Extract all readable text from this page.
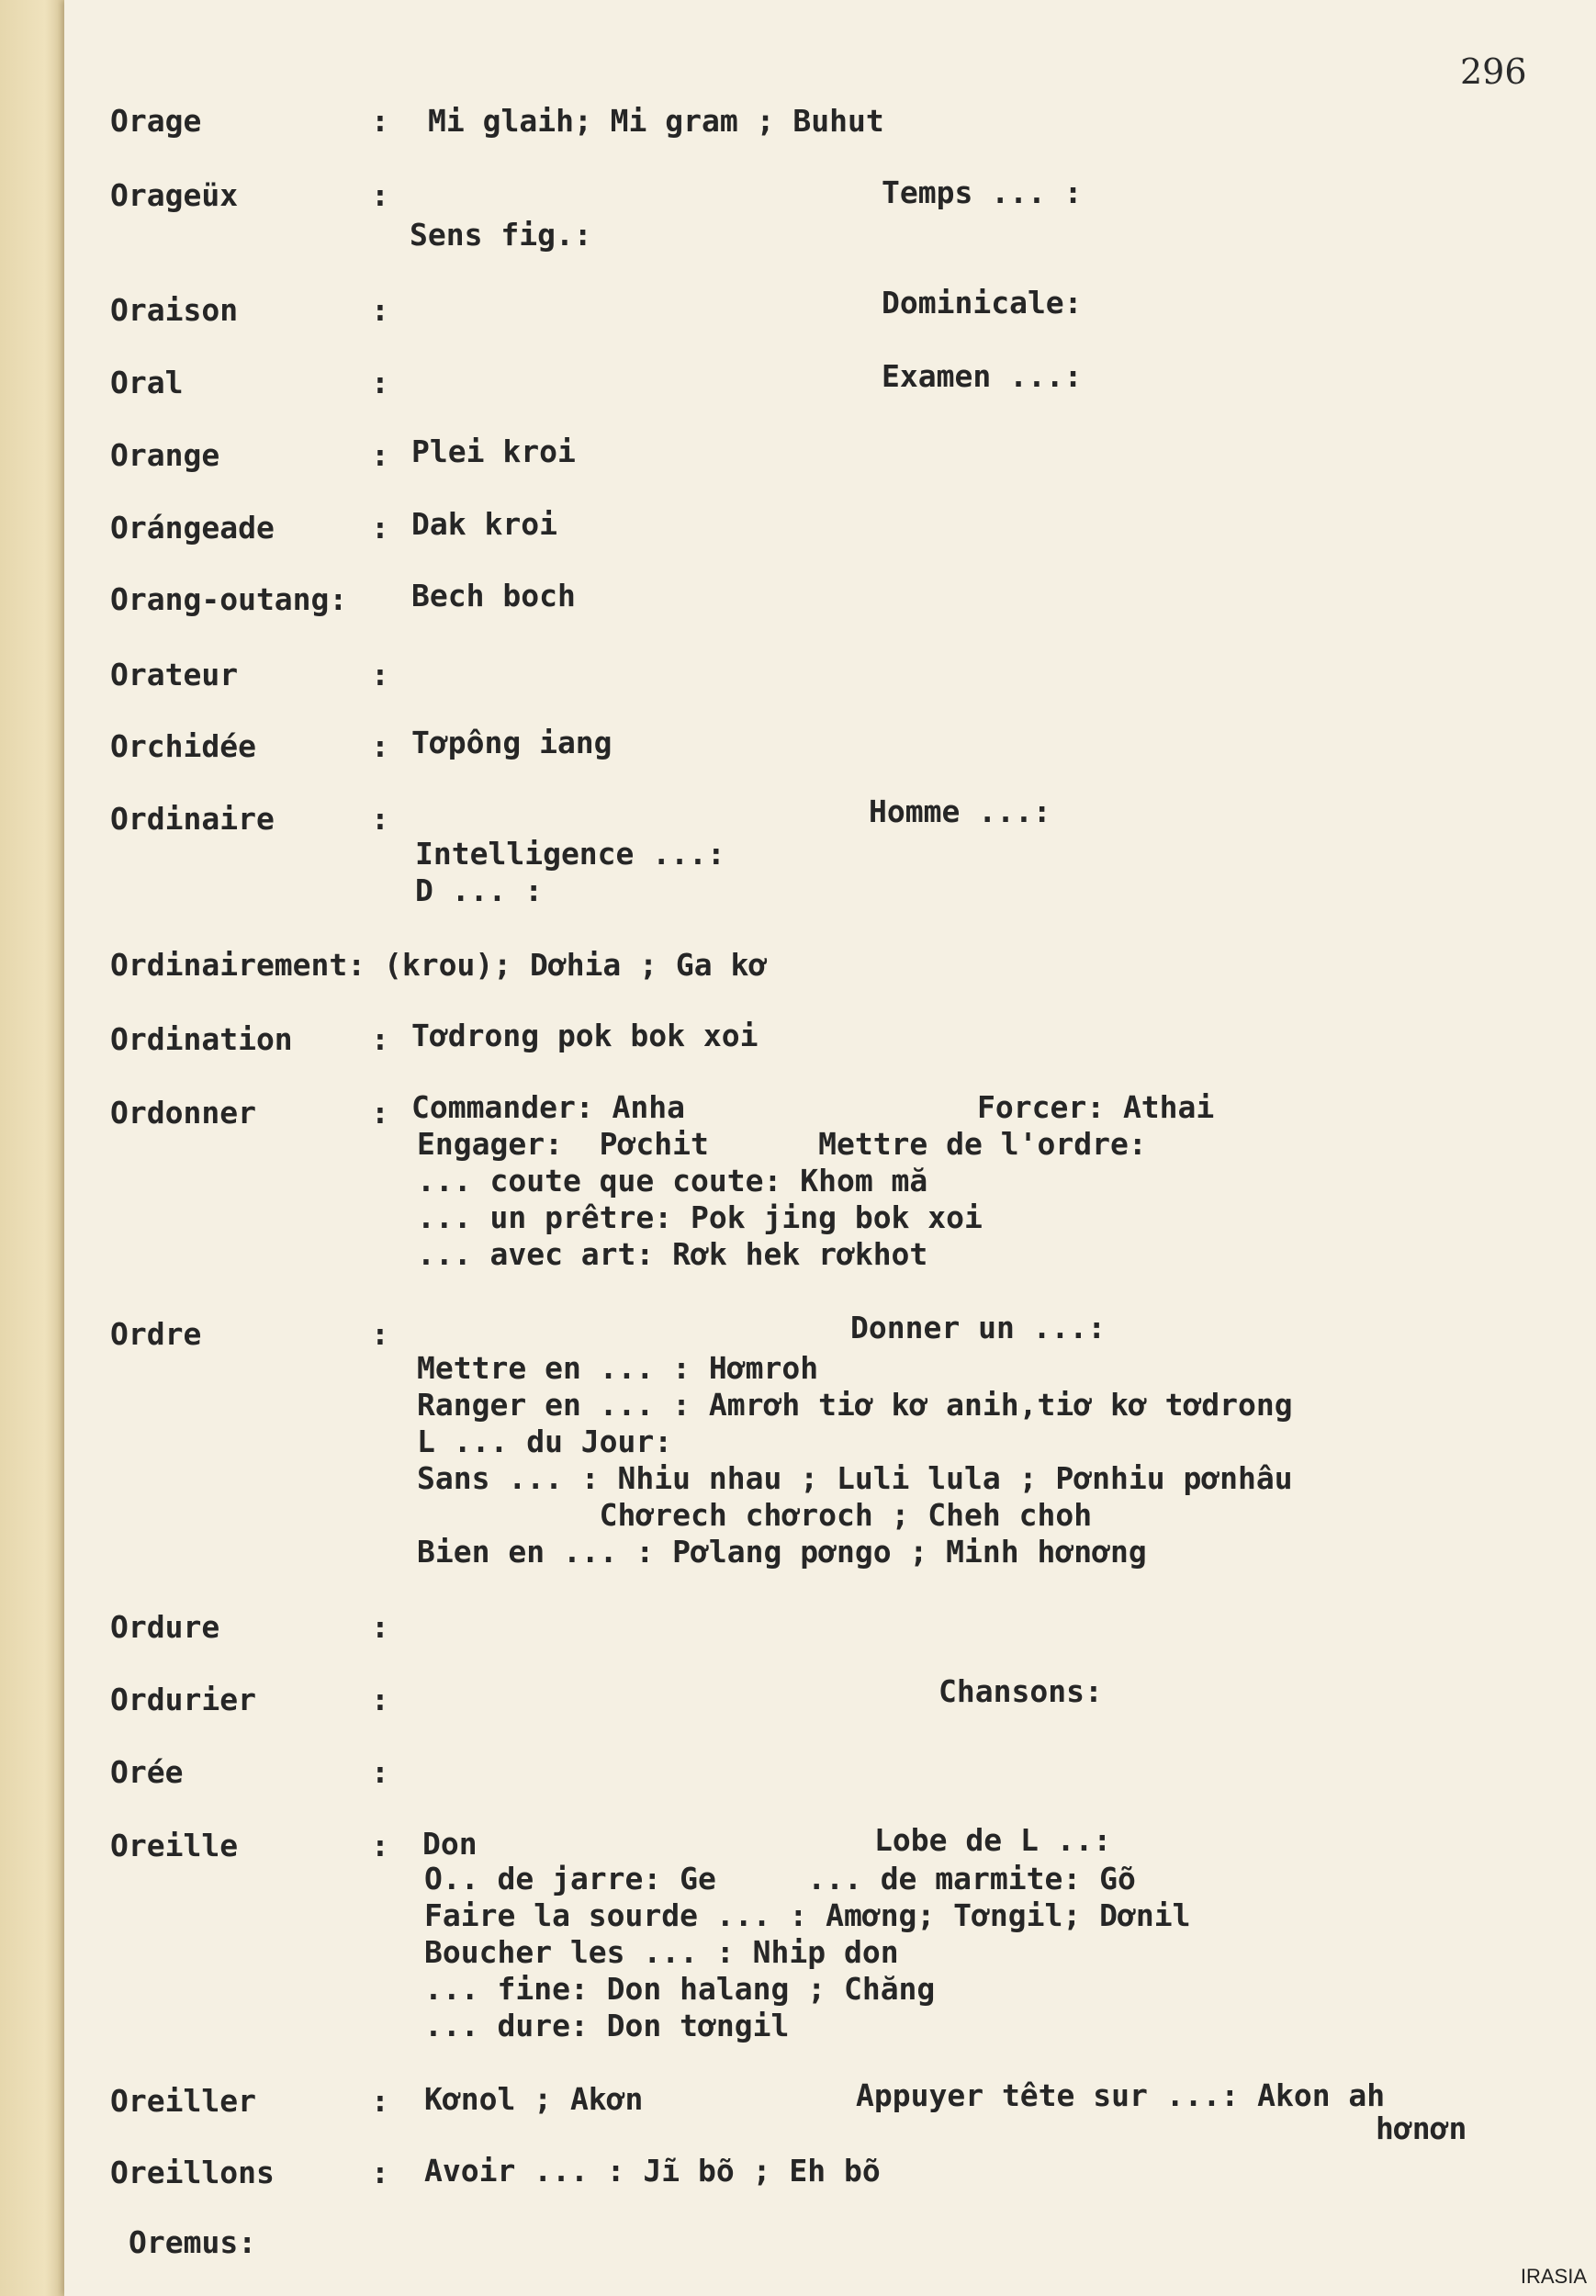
296
Orage	: Mi glaih; Mi gram ; Buhut
Orageüx	:	Temps ... :
Sens fig.:
Oraison	:	Dominicale:
Oral	:	Examen ...:
Orange	: Plei kroi
Orángeade	: Dak kroi
Orang-outang: Bech boch
Orateur	:
Orchidée	: Tơpông iang
Ordinaire	:	Homme ...:
Intelligence ...:
D ... :
Ordinairement: (krou); Dơhia ; Ga kơ
Ordination	: Tơdrong pok bok xoi
Ordonner	: Commander: Anha	Forcer: Athai
Engager:  Pơchit      Mettre de l'ordre:
... coute que coute: Khom mă
... un prêtre: Pok jing bok xoi
... avec art: Rơk hek rơkhot
Ordre	:	Donner un ...:
Mettre en ... : Hơmroh
Ranger en ... : Amrơh tiơ kơ anih,tiơ kơ tơdrong
L ... du Jour:
Sans ... : Nhiu nhau ; Luli lula ; Pơnhiu pơnhâu
Chơrech chơroch ; Cheh choh
Bien en ... : Pơlang pơngo ; Minh hơnơng
Ordure	:
Ordurier	:	Chansons:
Orée	:
Oreille	: Don	Lobe de L ..:
O.. de jarre: Ge     ... de marmite: Gõ
Faire la sourde ... : Amơng; Tơngil; Dơnil
Boucher les ... : Nhip don
... fine: Don halang ; Chăng
... dure: Don tơngil
Oreiller	: Kơnol ; Akơn	Appuyer tête sur ...: Akon ah
hơnơn
Oreillons	: Avoir ... : Jĩ bõ ; Eh bõ
Oremus:
IRASIA
